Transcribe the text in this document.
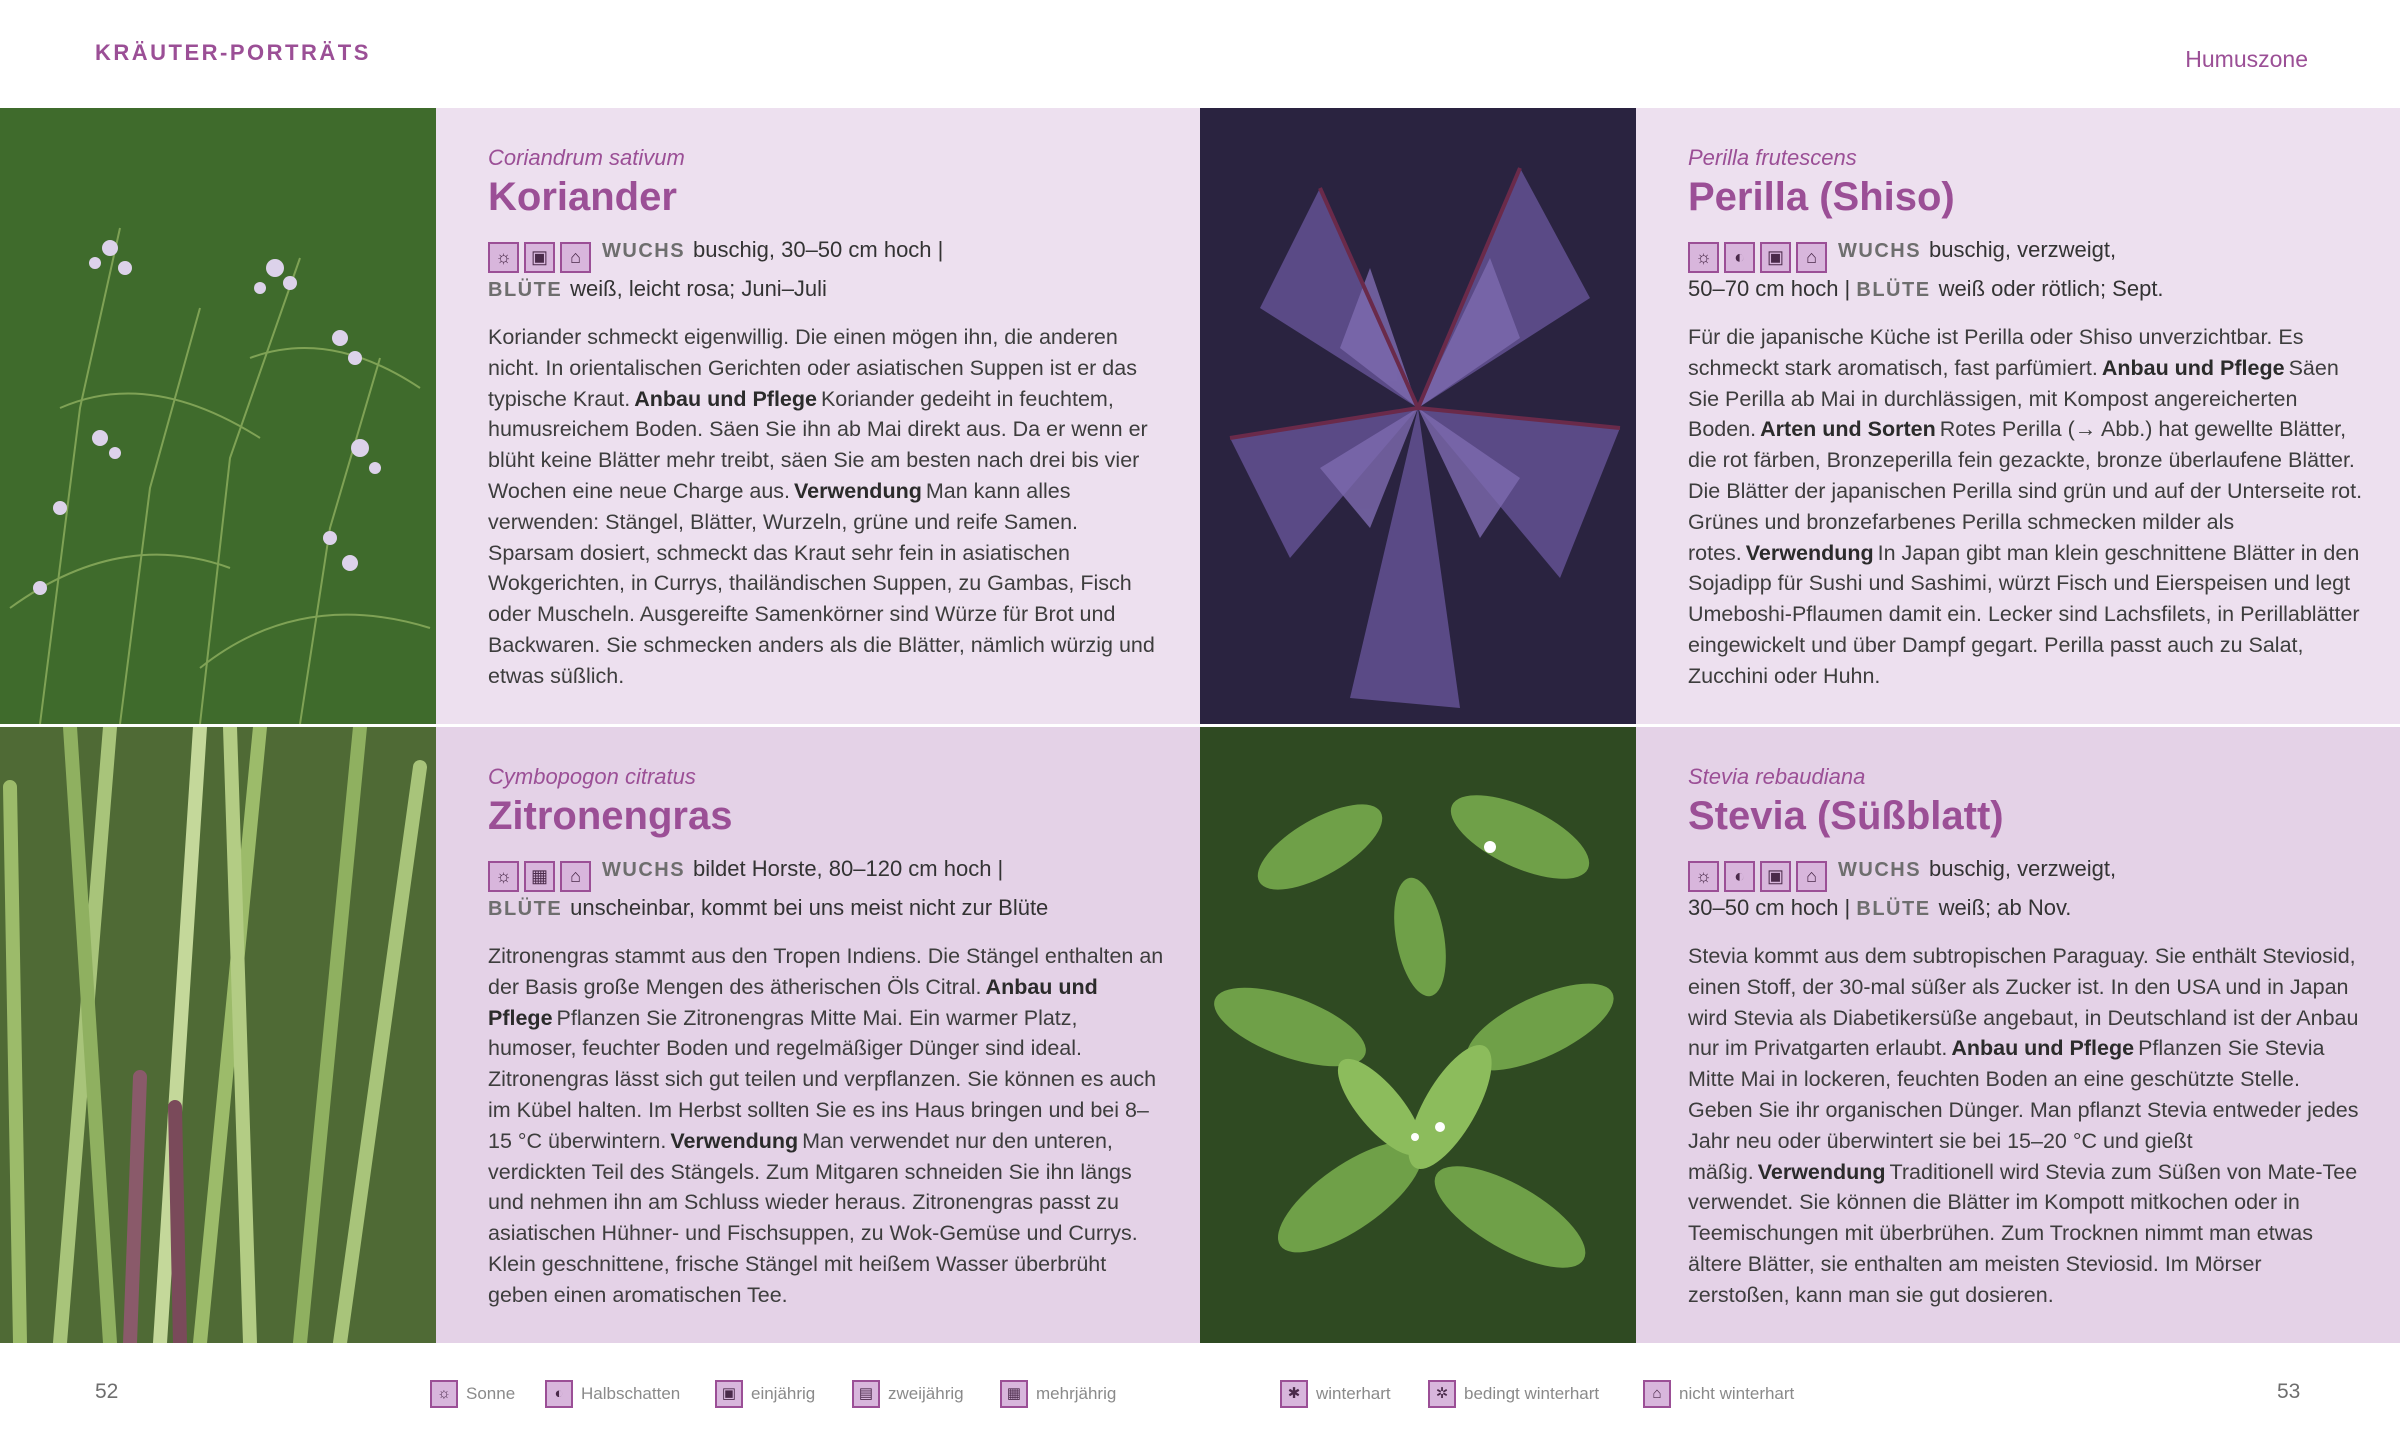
KRÄUTER-PORTRÄTS	Humuszone
Coriandrum sativum
Koriander
☼ ▣ ⌂ WUCHS buschig, 30–50 cm hoch |
BLÜTE weiß, leicht rosa; Juni–Juli
Koriander schmeckt eigenwillig. Die einen mögen ihn, die anderen nicht. In orientalischen Gerichten oder asiatischen Suppen ist er das typische Kraut. Anbau und Pflege Koriander gedeiht in feuchtem, humusreichem Boden. Säen Sie ihn ab Mai direkt aus. Da er wenn er blüht keine Blätter mehr treibt, säen Sie am besten nach drei bis vier Wochen eine neue Charge aus. Verwendung Man kann alles verwenden: Stängel, Blätter, Wurzeln, grüne und reife Samen. Sparsam dosiert, schmeckt das Kraut sehr fein in asiatischen Wokgerichten, in Currys, thailändischen Suppen, zu Gambas, Fisch oder Muscheln. Ausgereifte Samenkörner sind Würze für Brot und Backwaren. Sie schmecken anders als die Blätter, nämlich würzig und etwas süßlich.
Perilla frutescens
Perilla (Shiso)
☼ ◐ ▣ ⌂ WUCHS buschig, verzweigt,
50–70 cm hoch | BLÜTE weiß oder rötlich; Sept.
Für die japanische Küche ist Perilla oder Shiso unverzichtbar. Es schmeckt stark aromatisch, fast parfümiert. Anbau und Pflege Säen Sie Perilla ab Mai in durchlässigen, mit Kompost angereicherten Boden. Arten und Sorten Rotes Perilla (→ Abb.) hat gewellte Blätter, die rot färben, Bronzeperilla fein gezackte, bronze überlaufene Blätter. Die Blätter der japanischen Perilla sind grün und auf der Unterseite rot. Grünes und bronzefarbenes Perilla schmecken milder als rotes. Verwendung In Japan gibt man klein geschnittene Blätter in den Sojadipp für Sushi und Sashimi, würzt Fisch und Eierspeisen und legt Umeboshi-Pflaumen damit ein. Lecker sind Lachsfilets, in Perillablätter eingewickelt und über Dampf gegart. Perilla passt auch zu Salat, Zucchini oder Huhn.
Cymbopogon citratus
Zitronengras
☼ ▦ ⌂ WUCHS bildet Horste, 80–120 cm hoch |
BLÜTE unscheinbar, kommt bei uns meist nicht zur Blüte
Zitronengras stammt aus den Tropen Indiens. Die Stängel enthalten an der Basis große Mengen des ätherischen Öls Citral. Anbau und Pflege Pflanzen Sie Zitronengras Mitte Mai. Ein warmer Platz, humoser, feuchter Boden und regelmäßiger Dünger sind ideal. Zitronengras lässt sich gut teilen und verpflanzen. Sie können es auch im Kübel halten. Im Herbst sollten Sie es ins Haus bringen und bei 8–15 °C überwintern. Verwendung Man verwendet nur den unteren, verdickten Teil des Stängels. Zum Mitgaren schneiden Sie ihn längs und nehmen ihn am Schluss wieder heraus. Zitronengras passt zu asiatischen Hühner- und Fischsuppen, zu Wok-Gemüse und Currys. Klein geschnittene, frische Stängel mit heißem Wasser überbrüht geben einen aromatischen Tee.
Stevia rebaudiana
Stevia (Süßblatt)
☼ ◐ ▣ ⌂ WUCHS buschig, verzweigt,
30–50 cm hoch | BLÜTE weiß; ab Nov.
Stevia kommt aus dem subtropischen Paraguay. Sie enthält Steviosid, einen Stoff, der 30-mal süßer als Zucker ist. In den USA und in Japan wird Stevia als Diabetikersüße angebaut, in Deutschland ist der Anbau nur im Privatgarten erlaubt. Anbau und Pflege Pflanzen Sie Stevia Mitte Mai in lockeren, feuchten Boden an eine geschützte Stelle. Geben Sie ihr organischen Dünger. Man pflanzt Stevia entweder jedes Jahr neu oder überwintert sie bei 15–20 °C und gießt mäßig. Verwendung Traditionell wird Stevia zum Süßen von Mate-Tee verwendet. Sie können die Blätter im Kompott mitkochen oder in Teemischungen mit überbrühen. Zum Trocknen nimmt man etwas ältere Blätter, sie enthalten am meisten Steviosid. Im Mörser zerstoßen, kann man sie gut dosieren.
52	53
☼ Sonne	◐	Halbschatten	▣ einjährig	▤ zweijährig	▦ mehrjährig	✱ winterhart	✲ bedingt winterhart	⌂	nicht winterhart
